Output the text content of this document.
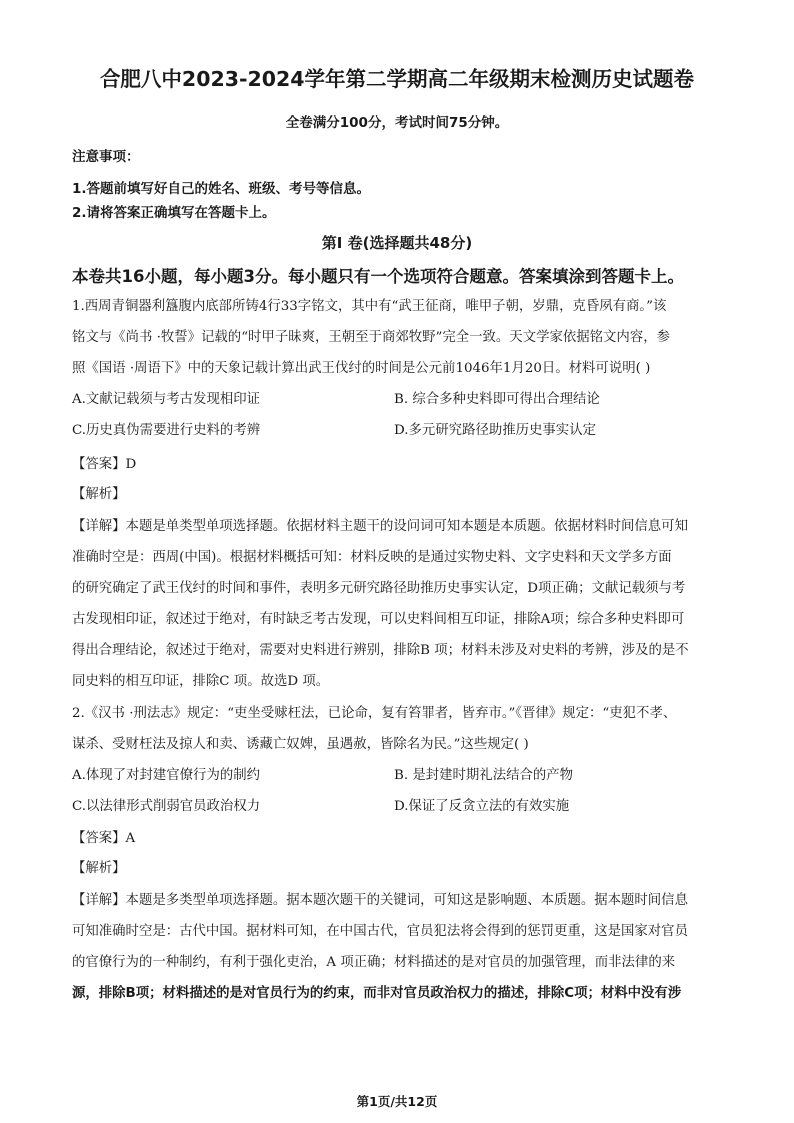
合肥八中2023-2024学年第二学期高二年级期末检测历史试题卷
全卷满分100分，考试时间75分钟。
注意事项：
1.答题前填写好自己的姓名、班级、考号等信息。
2.请将答案正确填写在答题卡上。
第I 卷(选择题共48分)
本卷共16小题，每小题3分。每小题只有一个选项符合题意。答案填涂到答题卡上。
1.西周青铜器利簋腹内底部所铸4行33字铭文，其中有“武王征商，唯甲子朝，岁鼎，克昏夙有商。”该
铭文与《尚书 ·牧誓》记载的“时甲子昧爽，王朝至于商郊牧野”完全一致。天文学家依据铭文内容，参
照《国语 ·周语下》中的天象记载计算出武王伐纣的时间是公元前1046年1月20日。材料可说明( )
A.文献记载须与考古发现相印证	B. 综合多种史料即可得出合理结论
C.历史真伪需要进行史料的考辨	D.多元研究路径助推历史事实认定
【答案】D
【解析】
【详解】本题是单类型单项选择题。依据材料主题干的设问词可知本题是本质题。依据材料时间信息可知
准确时空是：西周(中国)。根据材料概括可知：材料反映的是通过实物史料、文字史料和天文学多方面
的研究确定了武王伐纣的时间和事件，表明多元研究路径助推历史事实认定，D项正确；文献记载须与考
古发现相印证，叙述过于绝对，有时缺乏考古发现，可以史料间相互印证，排除A项；综合多种史料即可
得出合理结论，叙述过于绝对，需要对史料进行辨别，排除B 项；材料未涉及对史料的考辨，涉及的是不
同史料的相互印证，排除C 项。故选D 项。
2.《汉书 ·刑法志》规定：“吏坐受赇枉法，已论命，复有笞罪者，皆弃市。”《晋律》规定：“吏犯不孝、
谋杀、受财枉法及掠人和卖、诱藏亡奴婢，虽遇赦，皆除名为民。”这些规定( )
A.体现了对封建官僚行为的制约	B. 是封建时期礼法结合的产物
C.以法律形式削弱官员政治权力	D.保证了反贪立法的有效实施
【答案】A
【解析】
【详解】本题是多类型单项选择题。据本题次题干的关键词，可知这是影响题、本质题。据本题时间信息
可知准确时空是：古代中国。据材料可知，在中国古代，官员犯法将会得到的惩罚更重，这是国家对官员
的官僚行为的一种制约，有利于强化吏治，A 项正确；材料描述的是对官员的加强管理，而非法律的来
源，排除B项；材料描述的是对官员行为的约束，而非对官员政治权力的描述，排除C项；材料中没有涉
第1页/共12页
